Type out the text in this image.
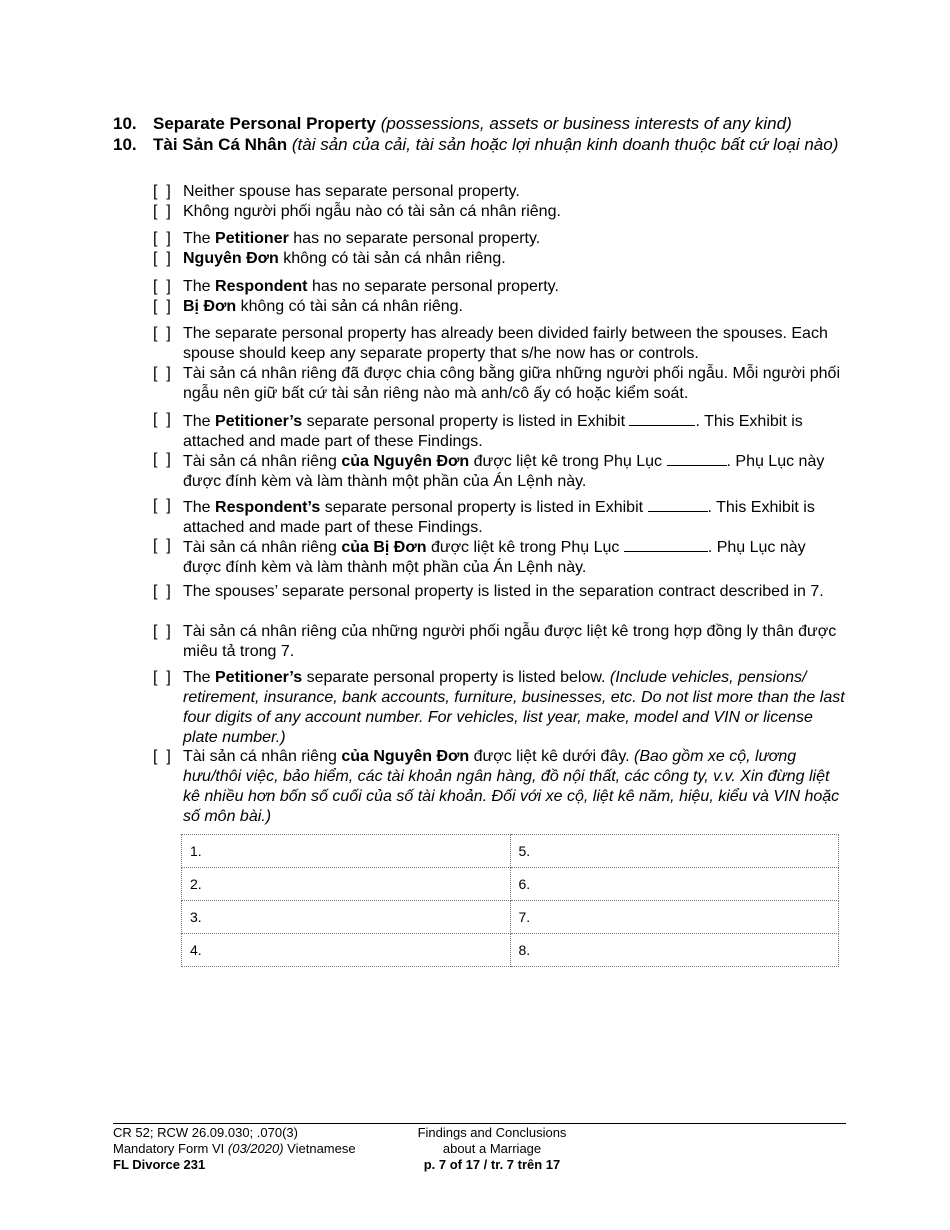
10. Separate Personal Property (possessions, assets or business interests of any kind)
10. Tài Sản Cá Nhân (tài sản của cải, tài sản hoặc lợi nhuận kinh doanh thuộc bất cứ loại nào)
[  ] Neither spouse has separate personal property.
[  ] Không người phối ngẫu nào có tài sản cá nhân riêng.
[  ] The Petitioner has no separate personal property.
[  ] Nguyên Đơn không có tài sản cá nhân riêng.
[  ] The Respondent has no separate personal property.
[  ] Bị Đơn không có tài sản cá nhân riêng.
[  ] The separate personal property has already been divided fairly between the spouses. Each spouse should keep any separate property that s/he now has or controls.
[  ] Tài sản cá nhân riêng đã được chia công bằng giữa những người phối ngẫu. Mỗi người phối ngẫu nên giữ bất cứ tài sản riêng nào mà anh/cô ấy có hoặc kiểm soát.
[  ] The Petitioner’s separate personal property is listed in Exhibit	. This Exhibit is attached and made part of these Findings.
[  ] Tài sản cá nhân riêng của Nguyên Đơn được liệt kê trong Phụ Lục	. Phụ Lục này được đính kèm và làm thành một phần của Án Lệnh này.
[  ] The Respondent’s separate personal property is listed in Exhibit	. This Exhibit is attached and made part of these Findings.
[  ] Tài sản cá nhân riêng của Bị Đơn được liệt kê trong Phụ Lục	. Phụ Lục này được đính kèm và làm thành một phần của Án Lệnh này.
[  ] The spouses’ separate personal property is listed in the separation contract described in 7.
[  ] Tài sản cá nhân riêng của những người phối ngẫu được liệt kê trong hợp đồng ly thân được miêu tả trong 7.
[  ] The Petitioner’s separate personal property is listed below. (Include vehicles, pensions/ retirement, insurance, bank accounts, furniture, businesses, etc. Do not list more than the last four digits of any account number. For vehicles, list year, make, model and VIN or license plate number.)
[  ] Tài sản cá nhân riêng của Nguyên Đơn được liệt kê dưới đây. (Bao gồm xe cộ, lương hưu/thôi việc, bảo hiểm, các tài khoản ngân hàng, đồ nội thất, các công ty, v.v. Xin đừng liệt kê nhiều hơn bốn số cuối của số tài khoản. Đối với xe cộ, liệt kê năm, hiệu, kiểu và VIN hoặc số môn bài.)
1.	5.
2.	6.
3.	7.
4.	8.
CR 52; RCW 26.09.030; .070(3)
Mandatory Form VI (03/2020) Vietnamese
FL Divorce 231
Findings and Conclusions
about a Marriage
p. 7 of 17 / tr. 7 trên 17
